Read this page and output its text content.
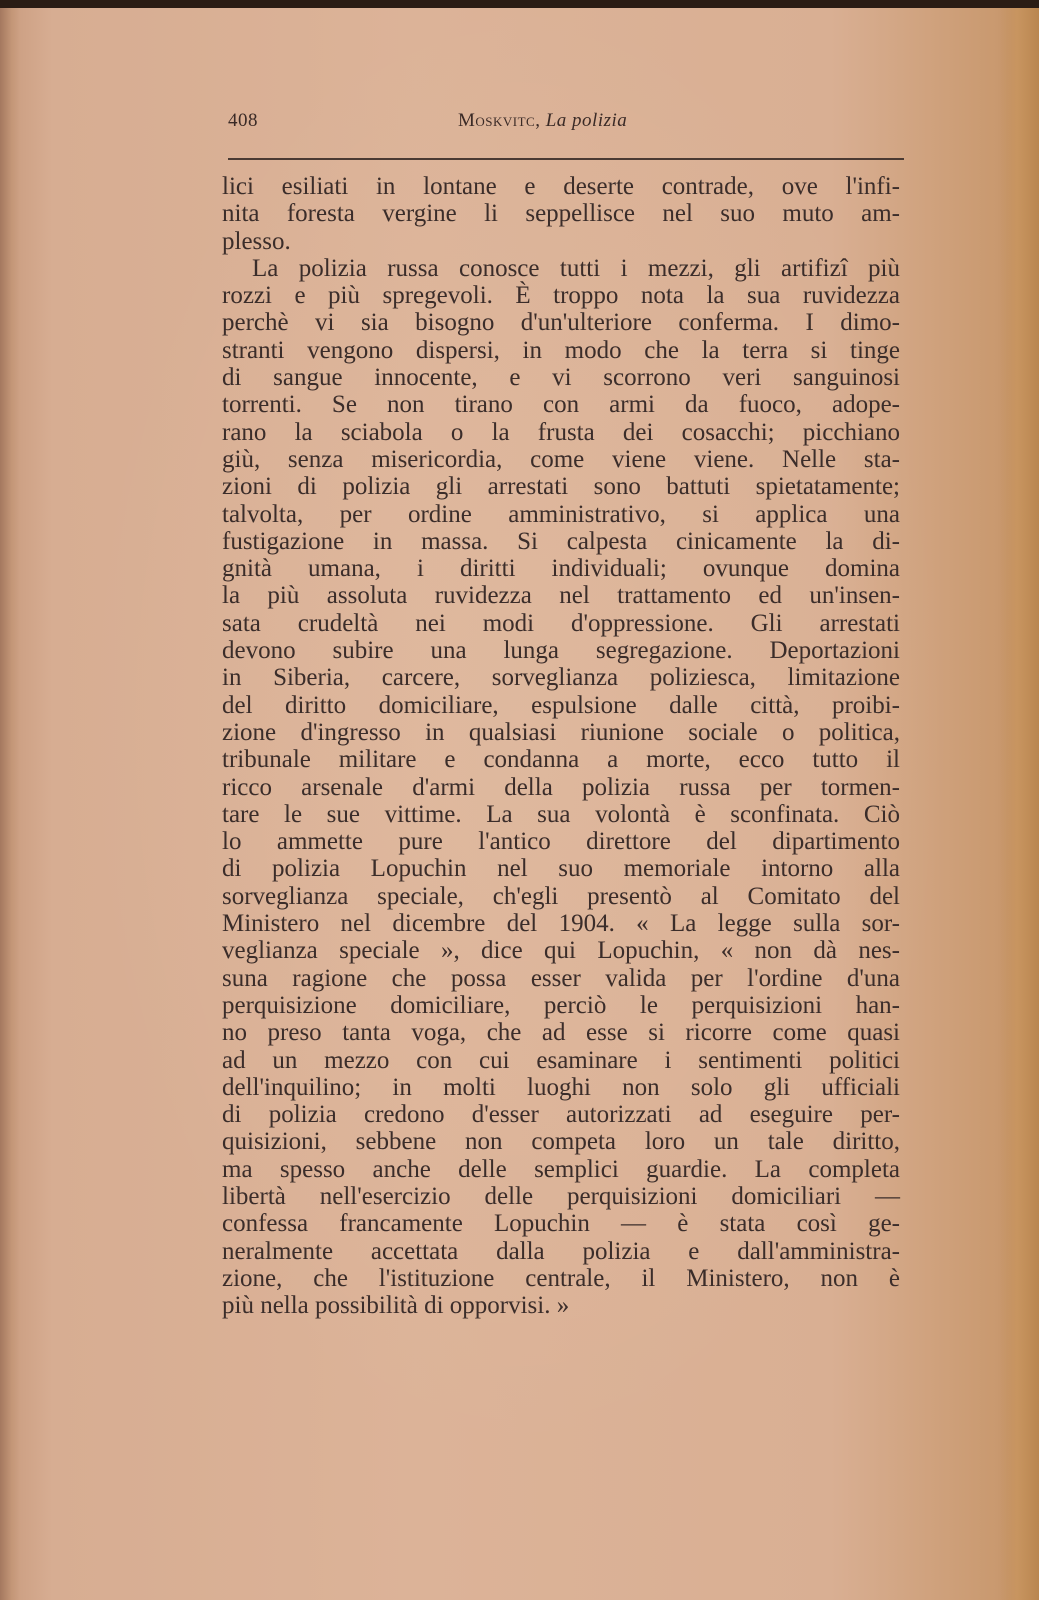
408	Moskvitc, La polizia
lici esiliati in lontane e deserte contrade, ove l'infi-
nita foresta vergine li seppellisce nel suo muto am-
plesso.
La polizia russa conosce tutti i mezzi, gli artifizî più
rozzi e più spregevoli. È troppo nota la sua ruvidezza
perchè vi sia bisogno d'un'ulteriore conferma. I dimo-
stranti vengono dispersi, in modo che la terra si tinge
di sangue innocente, e vi scorrono veri sanguinosi
torrenti. Se non tirano con armi da fuoco, adope-
rano la sciabola o la frusta dei cosacchi; picchiano
giù, senza misericordia, come viene viene. Nelle sta-
zioni di polizia gli arrestati sono battuti spietatamente;
talvolta, per ordine amministrativo, si applica una
fustigazione in massa. Si calpesta cinicamente la di-
gnità umana, i diritti individuali; ovunque domina
la più assoluta ruvidezza nel trattamento ed un'insen-
sata crudeltà nei modi d'oppressione. Gli arrestati
devono subire una lunga segregazione. Deportazioni
in Siberia, carcere, sorveglianza poliziesca, limitazione
del diritto domiciliare, espulsione dalle città, proibi-
zione d'ingresso in qualsiasi riunione sociale o politica,
tribunale militare e condanna a morte, ecco tutto il
ricco arsenale d'armi della polizia russa per tormen-
tare le sue vittime. La sua volontà è sconfinata. Ciò
lo ammette pure l'antico direttore del dipartimento
di polizia Lopuchin nel suo memoriale intorno alla
sorveglianza speciale, ch'egli presentò al Comitato del
Ministero nel dicembre del 1904. « La legge sulla sor-
veglianza speciale », dice qui Lopuchin, « non dà nes-
suna ragione che possa esser valida per l'ordine d'una
perquisizione domiciliare, perciò le perquisizioni han-
no preso tanta voga, che ad esse si ricorre come quasi
ad un mezzo con cui esaminare i sentimenti politici
dell'inquilino; in molti luoghi non solo gli ufficiali
di polizia credono d'esser autorizzati ad eseguire per-
quisizioni, sebbene non competa loro un tale diritto,
ma spesso anche delle semplici guardie. La completa
libertà nell'esercizio delle perquisizioni domiciliari —
confessa francamente Lopuchin — è stata così ge-
neralmente accettata dalla polizia e dall'amministra-
zione, che l'istituzione centrale, il Ministero, non è
più nella possibilità di opporvisi. »
